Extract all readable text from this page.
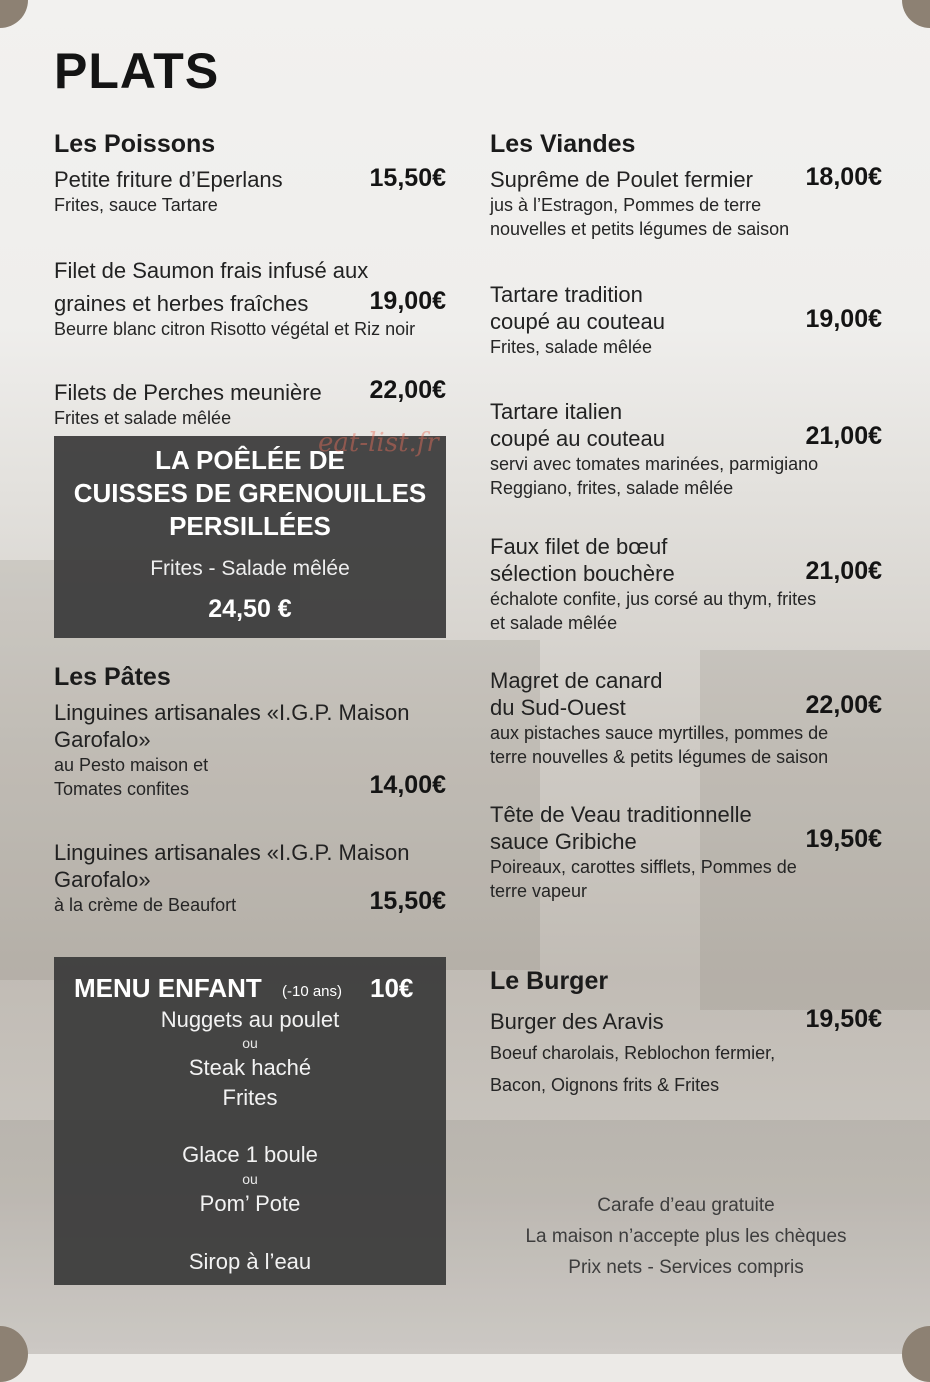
PLATS
Les Poissons
Petite friture d’Eperlans	15,50€
Frites, sauce Tartare
Filet de Saumon frais infusé aux
graines et herbes fraîches	19,00€
Beurre blanc citron Risotto végétal et Riz noir
Filets de Perches meunière	22,00€
Frites et salade mêlée
Les Pâtes
Linguines artisanales «I.G.P. Maison
Garofalo»
au Pesto maison et
Tomates confites	14,00€
Linguines artisanales «I.G.P. Maison
Garofalo»
à la crème de Beaufort	15,50€
LA POÊLÉE DE
CUISSES DE GRENOUILLES
PERSILLÉES
Frites - Salade mêlée
24,50 €
eat-list.fr
MENU ENFANT (-10 ans) 10€
Nuggets au poulet
ou
Steak haché
Frites
Glace 1 boule
ou
Pom’ Pote
Sirop à l’eau
Les Viandes
Suprême de Poulet fermier	18,00€
jus à l’Estragon, Pommes de terre
nouvelles et petits légumes de saison
Tartare tradition
coupé au couteau	19,00€
Frites, salade mêlée
Tartare italien
coupé au couteau	21,00€
servi avec tomates marinées, parmigiano
Reggiano, frites, salade mêlée
Faux filet de bœuf
sélection bouchère	21,00€
échalote confite, jus corsé au thym, frites
et salade mêlée
Magret de canard
du Sud-Ouest	22,00€
aux pistaches sauce myrtilles, pommes de
terre nouvelles & petits légumes de saison
Tête de Veau traditionnelle
sauce Gribiche	19,50€
Poireaux, carottes sifflets, Pommes de
terre vapeur
Le Burger
Burger des Aravis	19,50€
Boeuf charolais, Reblochon fermier,
Bacon, Oignons frits & Frites
Carafe d’eau gratuite
La maison n’accepte plus les chèques
Prix nets - Services compris
